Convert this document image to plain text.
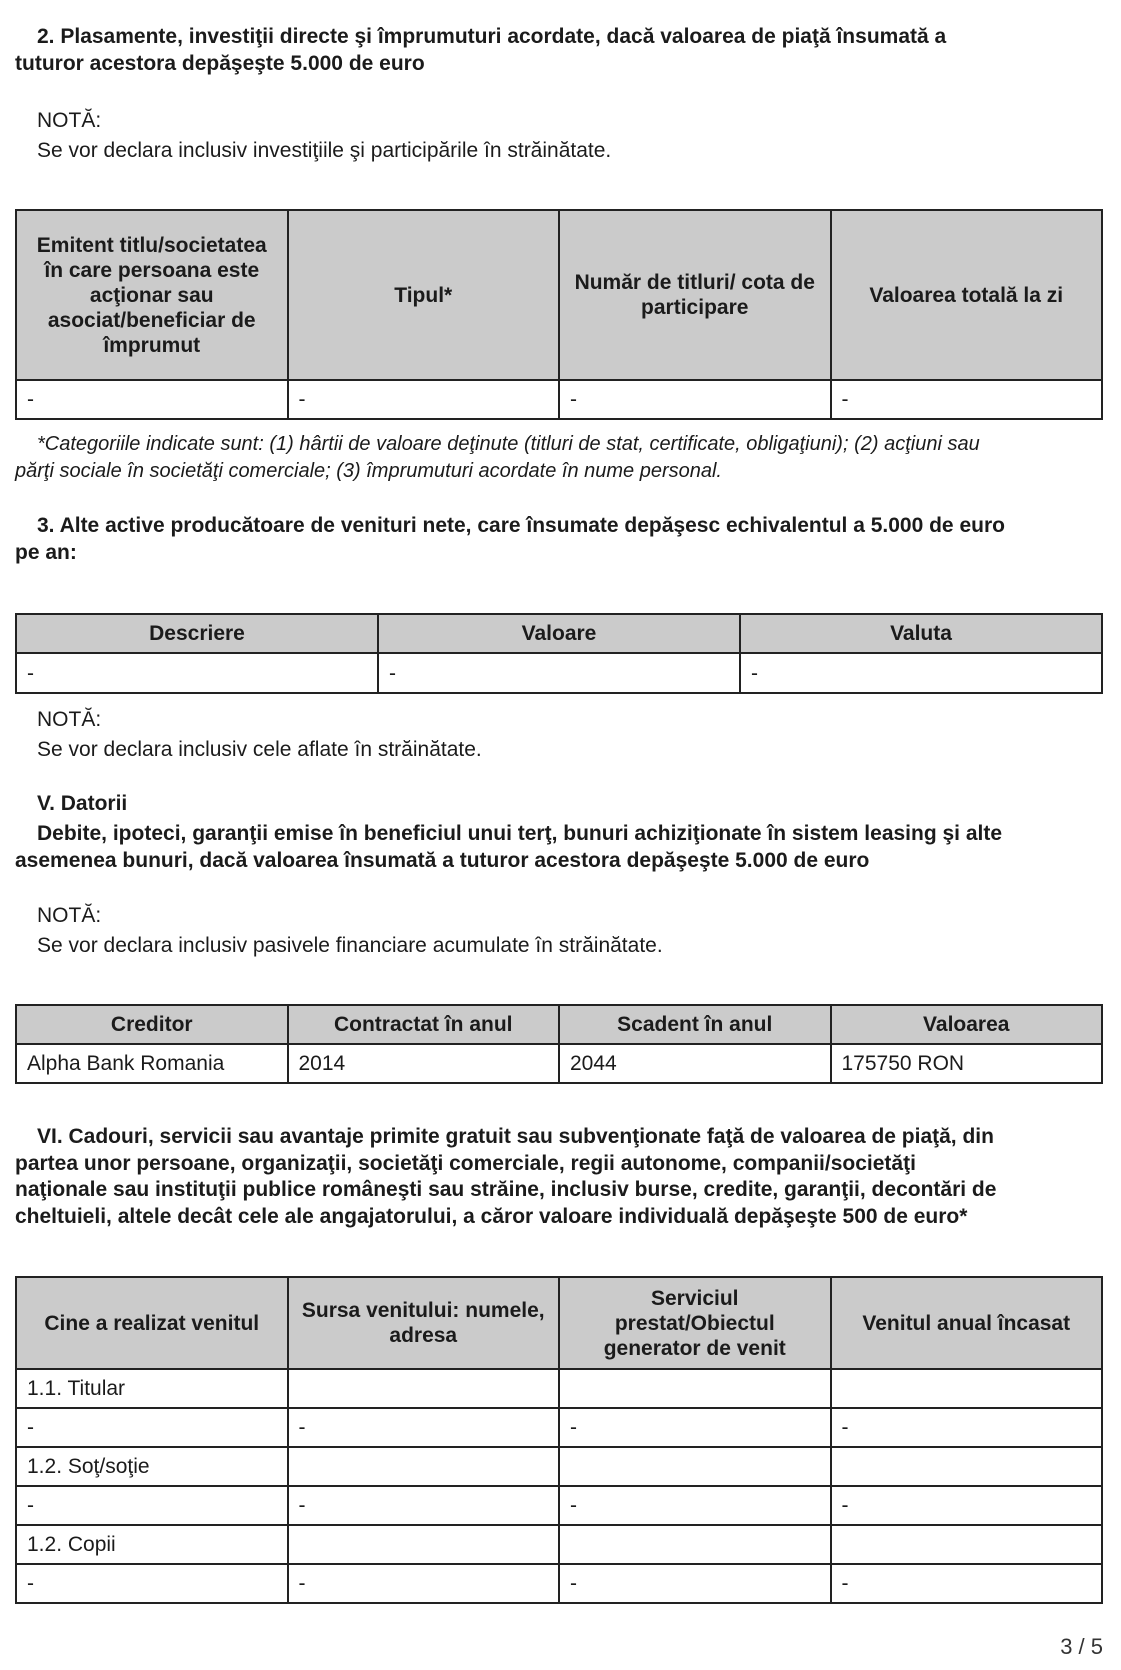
2. Plasamente, investiţii directe şi împrumuturi acordate, dacă valoarea de piaţă însumată a
tuturor acestora depăşeşte 5.000 de euro
NOTĂ:
Se vor declara inclusiv investiţiile şi participările în străinătate.
Emitent titlu/societatea în care persoana este acţionar sau asociat/beneficiar de împrumut	Tipul*	Număr de titluri/ cota de participare	Valoarea totală la zi
-	-	-	-
*Categoriile indicate sunt: (1) hârtii de valoare deţinute (titluri de stat, certificate, obligaţiuni); (2) acţiuni sau
părţi sociale în societăţi comerciale; (3) împrumuturi acordate în nume personal.
3. Alte active producătoare de venituri nete, care însumate depăşesc echivalentul a 5.000 de euro
pe an:
Descriere	Valoare	Valuta
-	-	-
NOTĂ:
Se vor declara inclusiv cele aflate în străinătate.
V. Datorii
Debite, ipoteci, garanţii emise în beneficiul unui terţ, bunuri achiziţionate în sistem leasing şi alte
asemenea bunuri, dacă valoarea însumată a tuturor acestora depăşeşte 5.000 de euro
NOTĂ:
Se vor declara inclusiv pasivele financiare acumulate în străinătate.
Creditor	Contractat în anul	Scadent în anul	Valoarea
Alpha Bank Romania	2014	2044	175750 RON
VI. Cadouri, servicii sau avantaje primite gratuit sau subvenţionate faţă de valoarea de piaţă, din
partea unor persoane, organizaţii, societăţi comerciale, regii autonome, companii/societăţi
naţionale sau instituţii publice româneşti sau străine, inclusiv burse, credite, garanţii, decontări de
cheltuieli, altele decât cele ale angajatorului, a căror valoare individuală depăşeşte 500 de euro*
Cine a realizat venitul	Sursa venitului: numele, adresa	Serviciul prestat/Obiectul generator de venit	Venitul anual încasat
1.1. Titular			
-	-	-	-
1.2. Soţ/soţie			
-	-	-	-
1.2. Copii			
-	-	-	-
3 / 5
